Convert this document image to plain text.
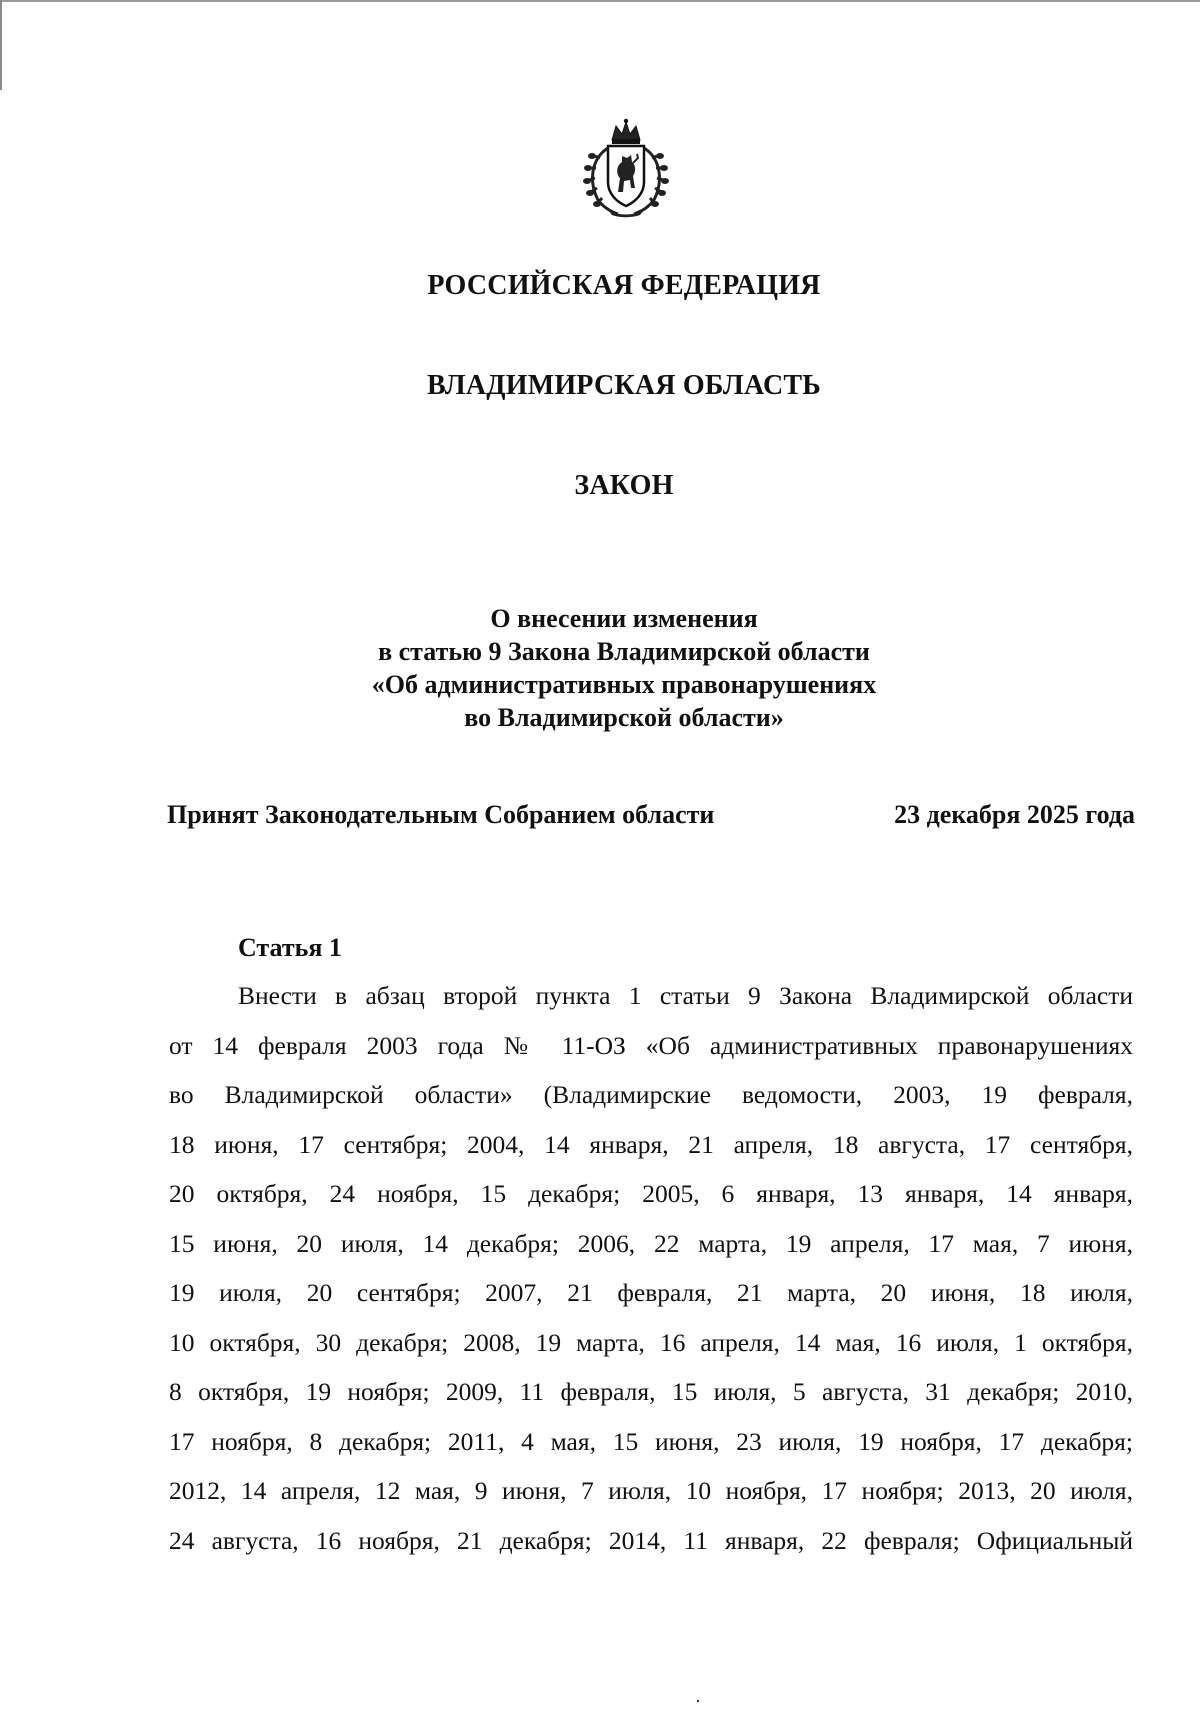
РОССИЙСКАЯ ФЕДЕРАЦИЯ
ВЛАДИМИРСКАЯ ОБЛАСТЬ
ЗАКОН
О внесении изменения
в статью 9 Закона Владимирской области
«Об административных правонарушениях
во Владимирской области»
Принят Законодательным Собранием области	23 декабря 2025 года
Статья 1
Внести в абзац второй пункта 1 статьи 9 Закона Владимирской области
от 14 февраля 2003 года № 11-ОЗ «Об административных правонарушениях
во Владимирской области» (Владимирские ведомости, 2003, 19 февраля,
18 июня, 17 сентября; 2004, 14 января, 21 апреля, 18 августа, 17 сентября,
20 октября, 24 ноября, 15 декабря; 2005, 6 января, 13 января, 14 января,
15 июня, 20 июля, 14 декабря; 2006, 22 марта, 19 апреля, 17 мая, 7 июня,
19 июля, 20 сентября; 2007, 21 февраля, 21 марта, 20 июня, 18 июля,
10 октября, 30 декабря; 2008, 19 марта, 16 апреля, 14 мая, 16 июля, 1 октября,
8 октября, 19 ноября; 2009, 11 февраля, 15 июля, 5 августа, 31 декабря; 2010,
17 ноября, 8 декабря; 2011, 4 мая, 15 июня, 23 июля, 19 ноября, 17 декабря;
2012, 14 апреля, 12 мая, 9 июня, 7 июля, 10 ноября, 17 ноября; 2013, 20 июля,
24 августа, 16 ноября, 21 декабря; 2014, 11 января, 22 февраля; Официальный
